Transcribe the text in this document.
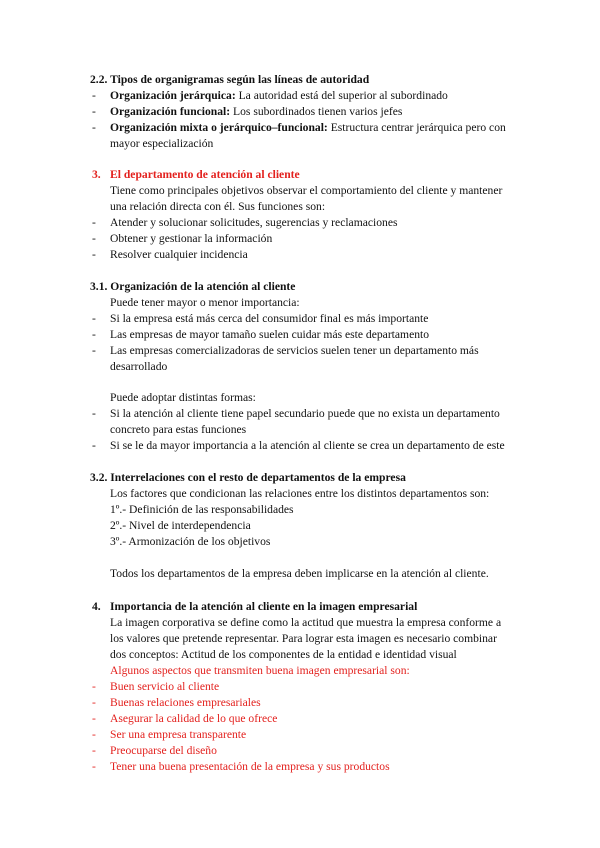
2.2. Tipos de organigramas según las líneas de autoridad
- Organización jerárquica: La autoridad está del superior al subordinado
- Organización funcional: Los subordinados tienen varios jefes
- Organización mixta o jerárquico–funcional: Estructura centrar jerárquica pero con
mayor especialización
3. El departamento de atención al cliente
Tiene como principales objetivos observar el comportamiento del cliente y mantener
una relación directa con él. Sus funciones son:
- Atender y solucionar solicitudes, sugerencias y reclamaciones
- Obtener y gestionar la información
- Resolver cualquier incidencia
3.1. Organización de la atención al cliente
Puede tener mayor o menor importancia:
- Si la empresa está más cerca del consumidor final es más importante
- Las empresas de mayor tamaño suelen cuidar más este departamento
- Las empresas comercializadoras de servicios suelen tener un departamento más
desarrollado
Puede adoptar distintas formas:
- Si la atención al cliente tiene papel secundario puede que no exista un departamento
concreto para estas funciones
- Si se le da mayor importancia a la atención al cliente se crea un departamento de este
3.2. Interrelaciones con el resto de departamentos de la empresa
Los factores que condicionan las relaciones entre los distintos departamentos son:
1º.- Definición de las responsabilidades
2º.- Nivel de interdependencia
3º.- Armonización de los objetivos
Todos los departamentos de la empresa deben implicarse en la atención al cliente.
4. Importancia de la atención al cliente en la imagen empresarial
La imagen corporativa se define como la actitud que muestra la empresa conforme a
los valores que pretende representar. Para lograr esta imagen es necesario combinar
dos conceptos: Actitud de los componentes de la entidad e identidad visual
Algunos aspectos que transmiten buena imagen empresarial son:
- Buen servicio al cliente
- Buenas relaciones empresariales
- Asegurar la calidad de lo que ofrece
- Ser una empresa transparente
- Preocuparse del diseño
- Tener una buena presentación de la empresa y sus productos
